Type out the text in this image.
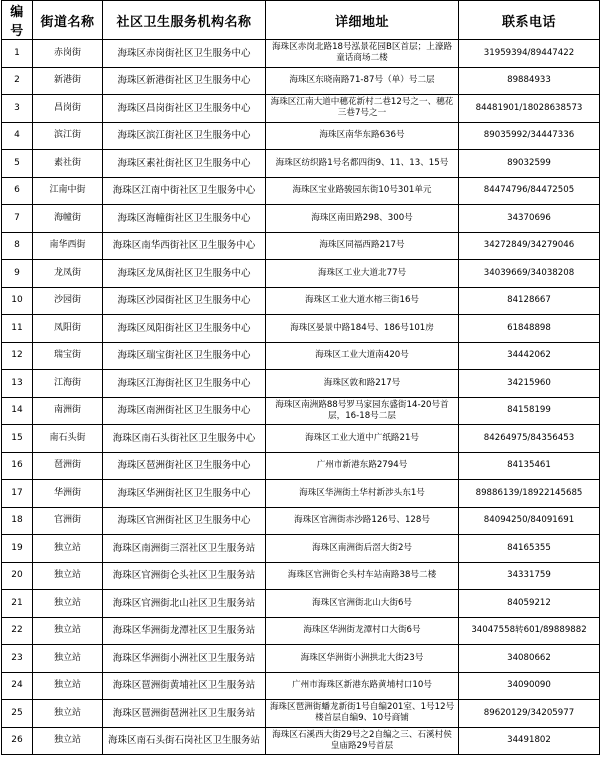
编号	街道名称	社区卫生服务机构名称	详细地址	联系电话
1	赤岗街	海珠区赤岗街社区卫生服务中心	海珠区赤岗北路18号泓景花园B区首层；上濠路童话商场二楼	31959394/89447422
2	新港街	海珠区新港街社区卫生服务中心	海珠区东晓南路71-87号（单）号二层	89884933
3	昌岗街	海珠区昌岗街社区卫生服务中心	海珠区江南大道中穗花新村二巷12号之一、穗花三巷7号之一	84481901/18028638573
4	滨江街	海珠区滨江街社区卫生服务中心	海珠区南华东路636号	89035992/34447336
5	素社街	海珠区素社街社区卫生服务中心	海珠区纺织路1号名都四街9、11、13、15号	89032599
6	江南中街	海珠区江南中街社区卫生服务中心	海珠区宝业路骏园东街10号301单元	84474796/84472505
7	海幢街	海珠区海幢街社区卫生服务中心	海珠区南田路298、300号	34370696
8	南华西街	海珠区南华西街社区卫生服务中心	海珠区同福西路217号	34272849/34279046
9	龙凤街	海珠区龙凤街社区卫生服务中心	海珠区工业大道北77号	34039669/34038208
10	沙园街	海珠区沙园街社区卫生服务中心	海珠区工业大道水榕三街16号	84128667
11	凤阳街	海珠区凤阳街社区卫生服务中心	海珠区晏景中路184号、186号101房	61848898
12	瑞宝街	海珠区瑞宝街社区卫生服务中心	海珠区工业大道南420号	34442062
13	江海街	海珠区江海街社区卫生服务中心	海珠区敦和路217号	34215960
14	南洲街	海珠区南洲街社区卫生服务中心	海珠区南洲路88号罗马家园东盛街14-20号首层，16-18号二层	84158199
15	南石头街	海珠区南石头街社区卫生服务中心	海珠区工业大道中广纸路21号	84264975/84356453
16	琶洲街	海珠区琶洲街社区卫生服务中心	广州市新港东路2794号	84135461
17	华洲街	海珠区华洲街社区卫生服务中心	海珠区华洲街土华村新涉头东1号	89886139/18922145685
18	官洲街	海珠区官洲街社区卫生服务中心	海珠区官洲街赤沙路126号、128号	84094250/84091691
19	独立站	海珠区南洲街三滘社区卫生服务站	海珠区南洲街后滘大街2号	84165355
20	独立站	海珠区官洲街仑头社区卫生服务站	海珠区官洲街仑头村车站南路38号二楼	34331759
21	独立站	海珠区官洲街北山社区卫生服务站	海珠区官洲街北山大街6号	84059212
22	独立站	海珠区华洲街龙潭社区卫生服务站	海珠区华洲街龙潭村口大街6号	34047558转601/89889882
23	独立站	海珠区华洲街小洲社区卫生服务站	海珠区华洲街小洲拱北大街23号	34080662
24	独立站	海珠区琶洲街黄埔社区卫生服务站	广州市海珠区新港东路黄埔村口10号	34090090
25	独立站	海珠区琶洲街琶洲社区卫生服务站	海珠区琶洲街蟠龙新街1号自编201室、1号12号楼首层自编9、10号商铺	89620129/34205977
26	独立站	海珠区南石头街石岗社区卫生服务站	海珠区石溪西大街29号之2自编之三、石溪村侯皇庙路29号首层	34491802
